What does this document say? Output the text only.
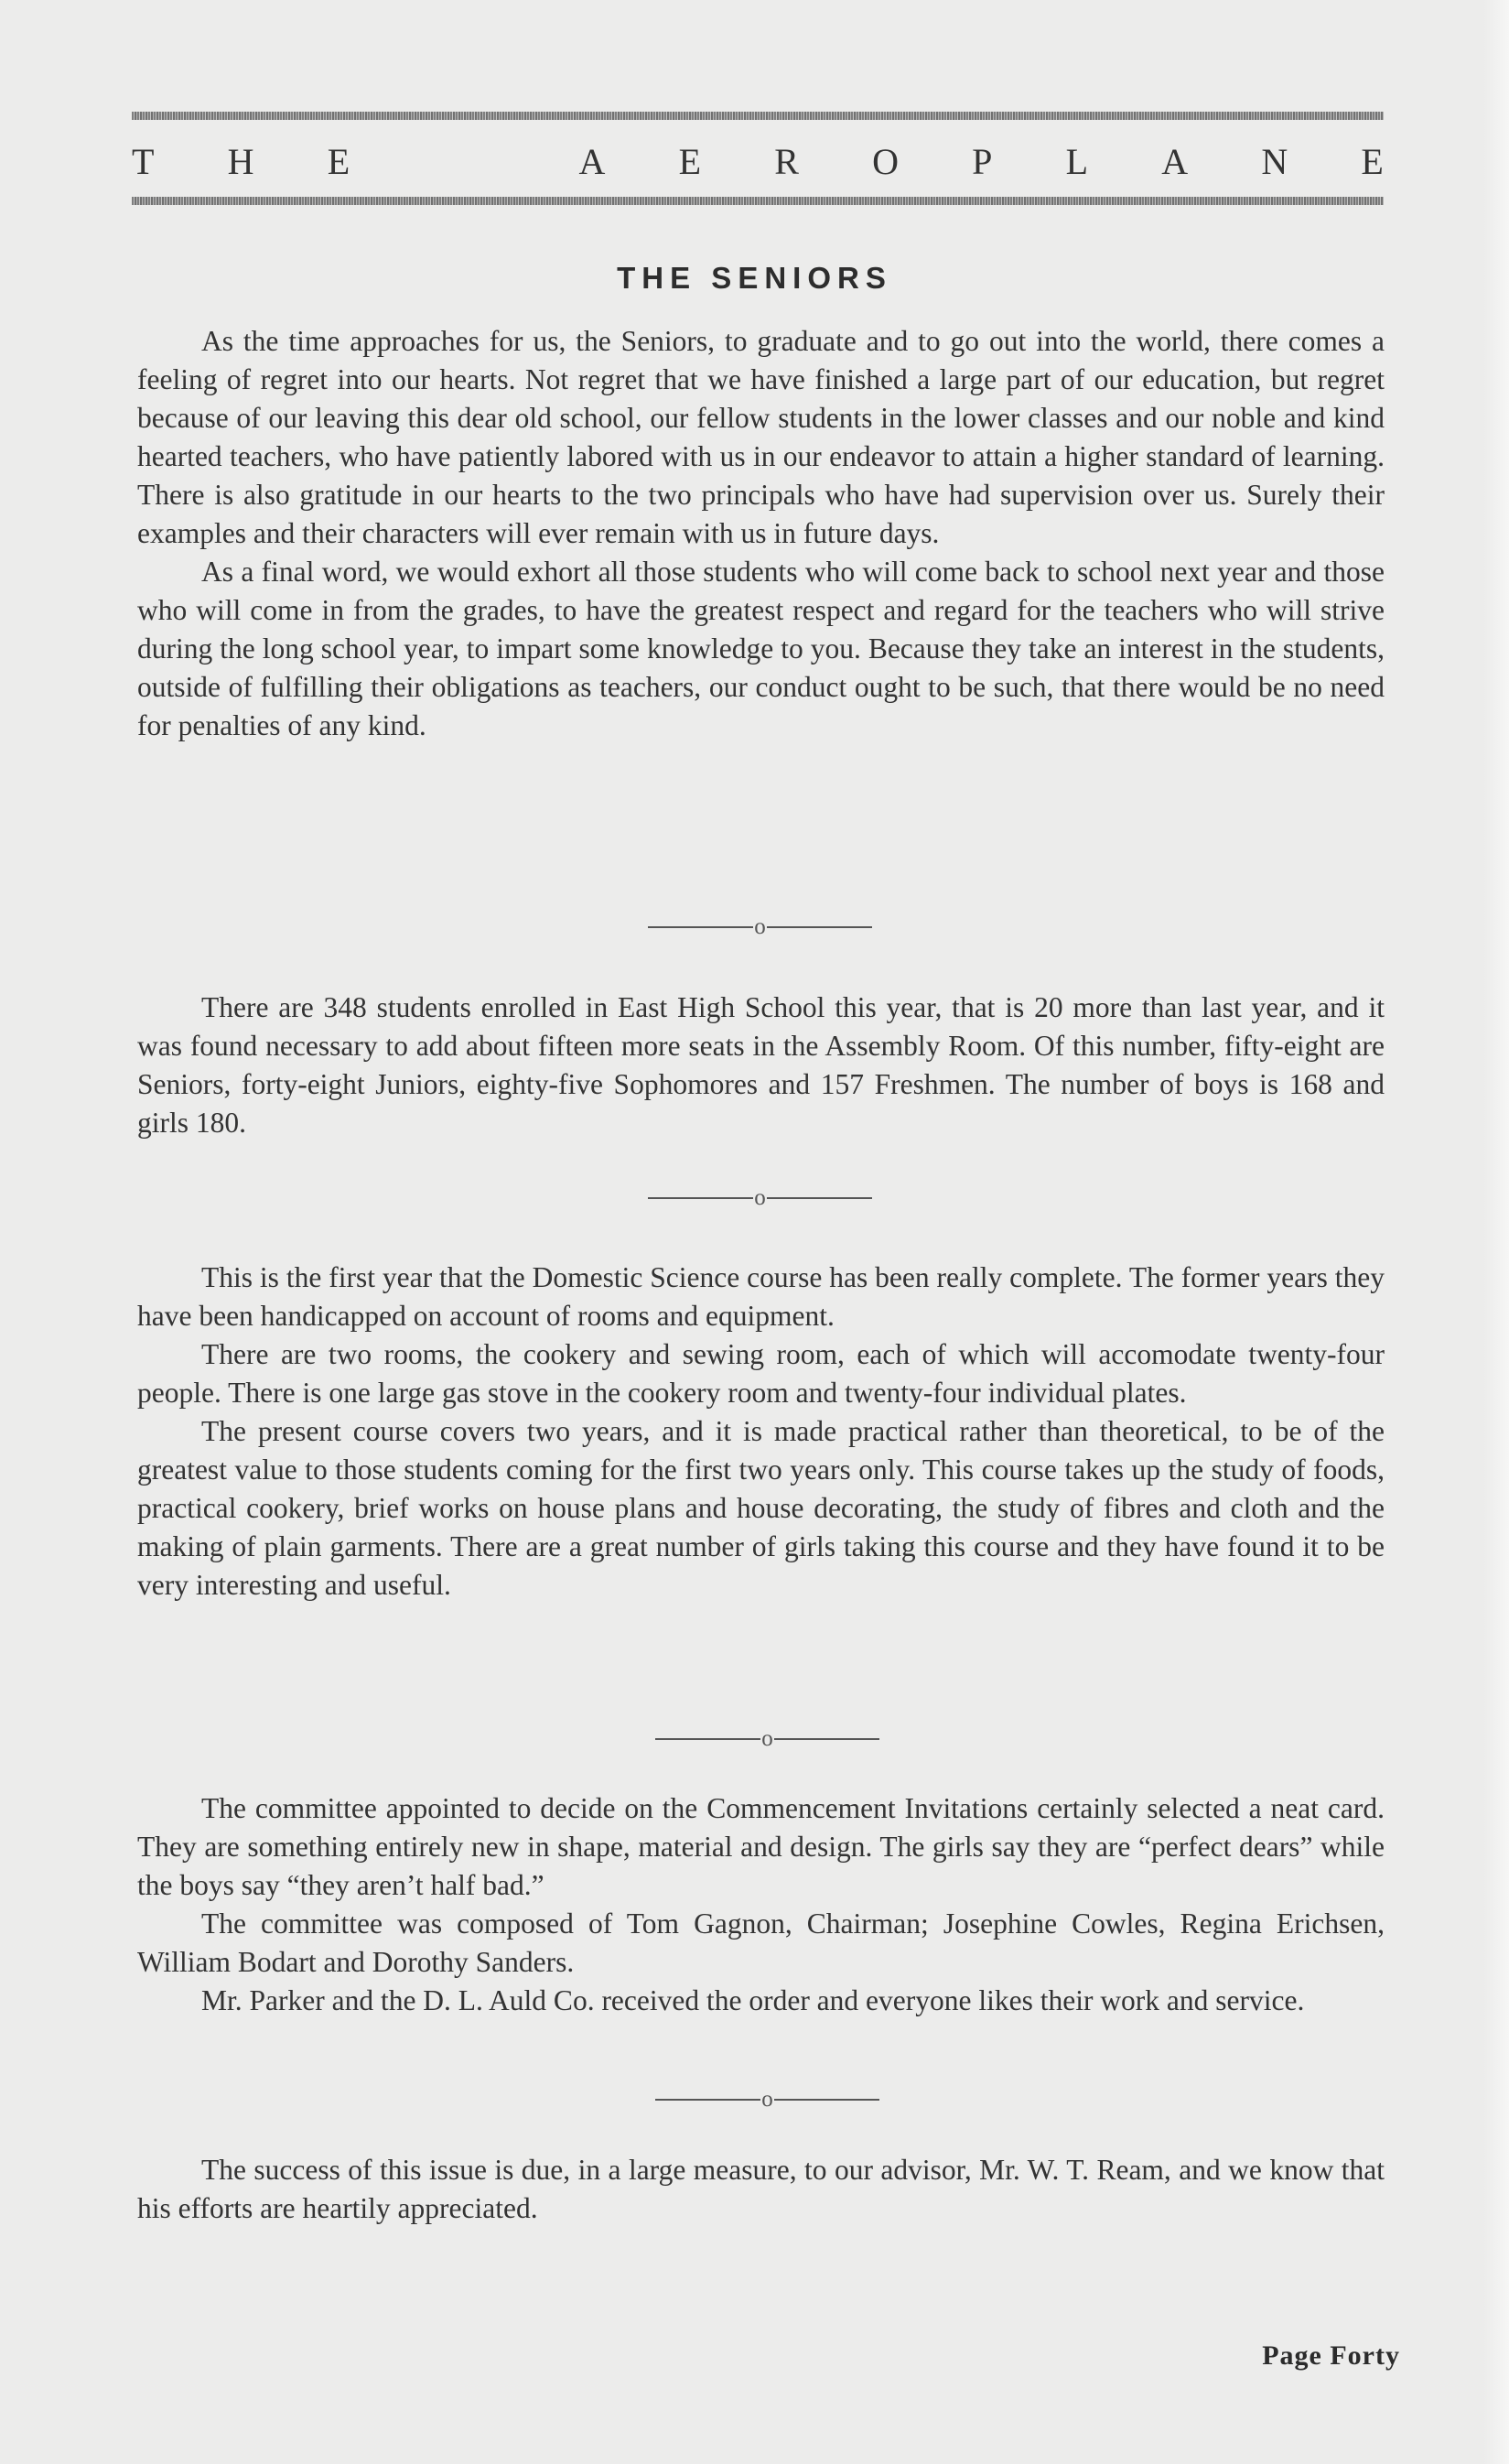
T H E	A E R O P L A N E
THE SENIORS

As the time approaches for us, the Seniors, to graduate and to go out into the world, there comes a feeling of regret into our hearts. Not regret that we have finished a large part of our education, but regret because of our leaving this dear old school, our fellow students in the lower classes and our noble and kind hearted teachers, who have patiently labored with us in our endeavor to attain a higher standard of learning. There is also gratitude in our hearts to the two principals who have had supervision over us. Surely their examples and their characters will ever remain with us in future days.

As a final word, we would exhort all those students who will come back to school next year and those who will come in from the grades, to have the greatest respect and regard for the teachers who will strive during the long school year, to impart some knowledge to you. Because they take an interest in the students, outside of fulfilling their obligations as teachers, our conduct ought to be such, that there would be no need for penalties of any kind.

o

There are 348 students enrolled in East High School this year, that is 20 more than last year, and it was found necessary to add about fifteen more seats in the Assembly Room. Of this number, fifty-eight are Seniors, forty-eight Juniors, eighty-five Sophomores and 157 Freshmen. The number of boys is 168 and girls 180.

o

This is the first year that the Domestic Science course has been really complete. The former years they have been handicapped on account of rooms and equipment.

There are two rooms, the cookery and sewing room, each of which will accomodate twenty-four people. There is one large gas stove in the cookery room and twenty-four individual plates.

The present course covers two years, and it is made practical rather than theoretical, to be of the greatest value to those students coming for the first two years only. This course takes up the study of foods, practical cookery, brief works on house plans and house decorating, the study of fibres and cloth and the making of plain garments. There are a great number of girls taking this course and they have found it to be very interesting and useful.

o

The committee appointed to decide on the Commencement Invitations certainly selected a neat card. They are something entirely new in shape, material and design. The girls say they are “perfect dears” while the boys say “they aren’t half bad.”

The committee was composed of Tom Gagnon, Chairman; Josephine Cowles, Regina Erichsen, William Bodart and Dorothy Sanders.

Mr. Parker and the D. L. Auld Co. received the order and everyone likes their work and service.

o

The success of this issue is due, in a large measure, to our advisor, Mr. W. T. Ream, and we know that his efforts are heartily appreciated.

Page Forty
